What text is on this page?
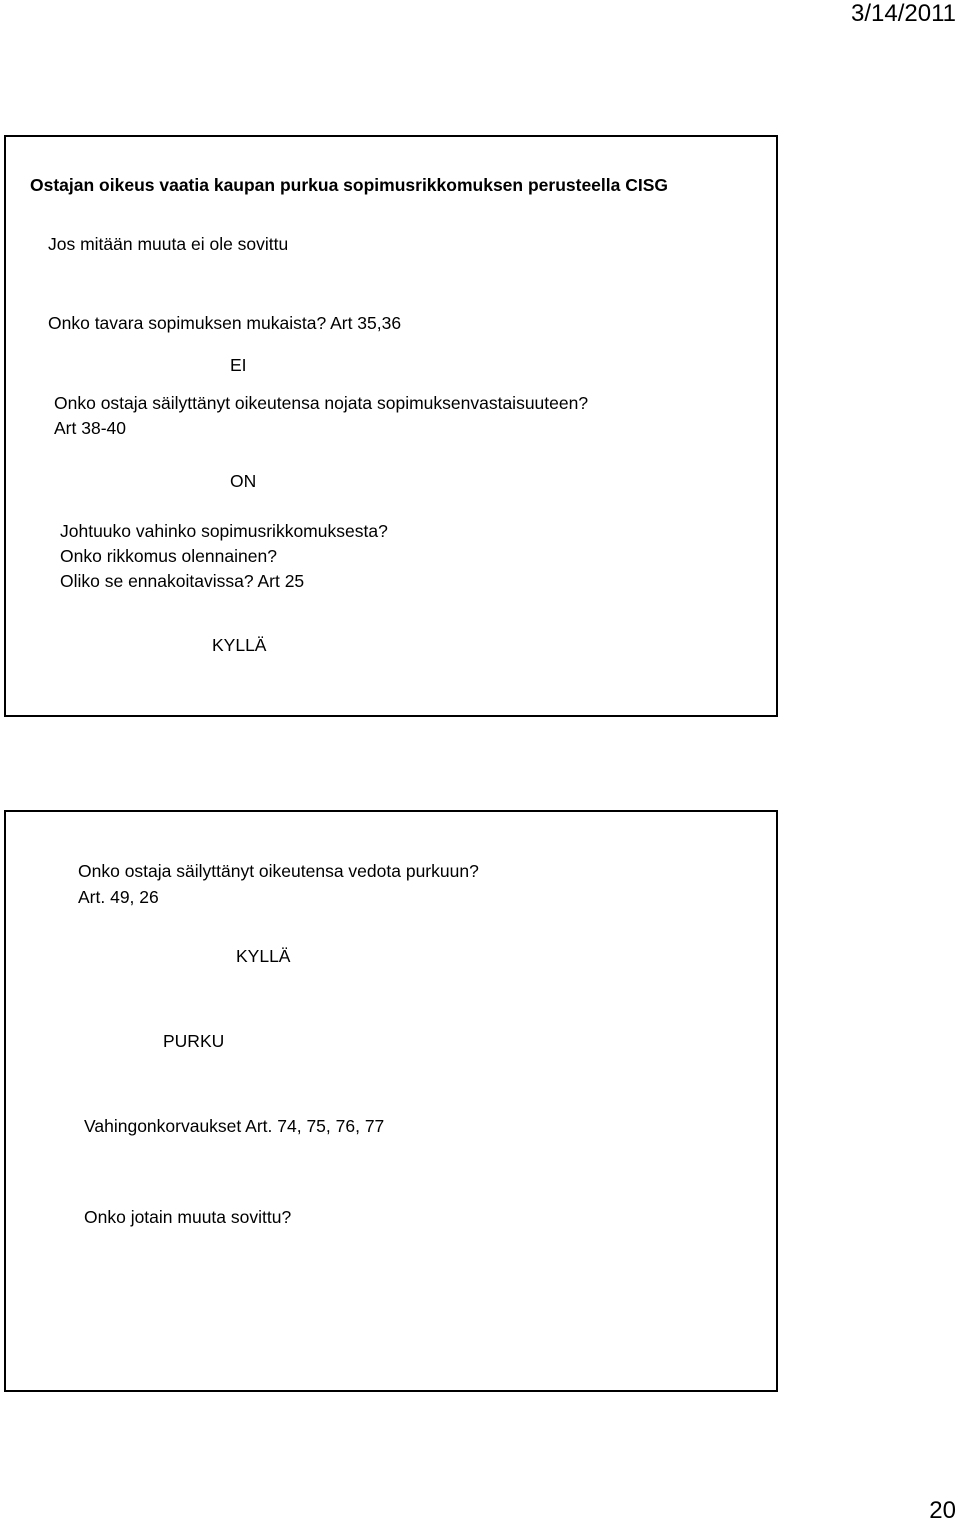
3/14/2011
Ostajan oikeus vaatia kaupan purkua sopimusrikkomuksen perusteella CISG
Jos mitään muuta ei ole sovittu
Onko tavara sopimuksen mukaista? Art 35,36
EI
Onko ostaja säilyttänyt oikeutensa nojata sopimuksenvastaisuuteen?
Art 38-40
ON
Johtuuko vahinko sopimusrikkomuksesta?
Onko rikkomus olennainen?
Oliko se ennakoitavissa? Art 25
KYLLÄ
Onko ostaja säilyttänyt oikeutensa vedota purkuun?
Art. 49, 26
KYLLÄ
PURKU
Vahingonkorvaukset Art. 74, 75, 76, 77
Onko jotain muuta sovittu?
20
